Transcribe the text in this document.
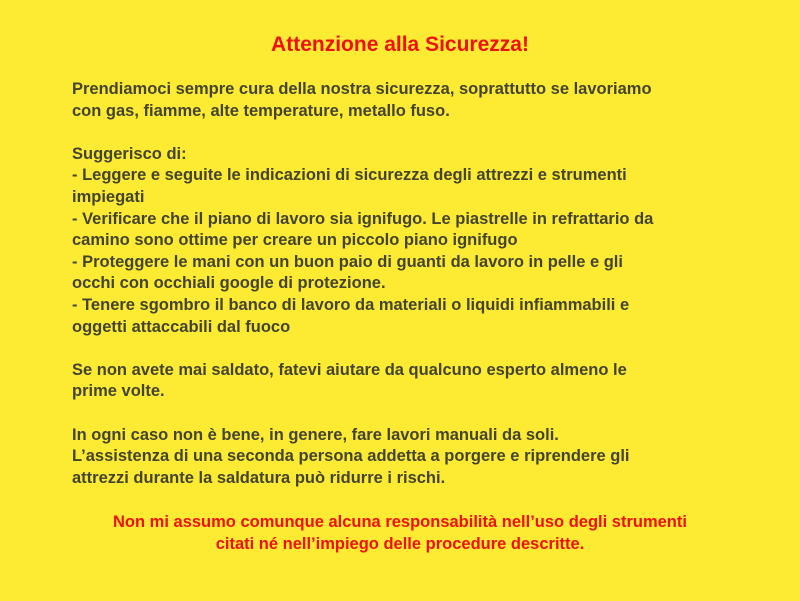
Attenzione alla Sicurezza!
Prendiamoci sempre cura della nostra sicurezza, soprattutto se lavoriamo
con gas, fiamme, alte temperature, metallo fuso.
Suggerisco di:
- Leggere e seguite le indicazioni di sicurezza degli attrezzi e strumenti
impiegati
- Verificare che il piano di lavoro sia ignifugo. Le piastrelle in refrattario da
camino sono ottime per creare un piccolo piano ignifugo
- Proteggere le mani con un buon paio di guanti da lavoro in pelle e gli
occhi con occhiali google di protezione.
- Tenere sgombro il banco di lavoro da materiali o liquidi infiammabili e
oggetti attaccabili dal fuoco
Se non avete mai saldato, fatevi aiutare da qualcuno esperto almeno le
prime volte.
In ogni caso non è bene, in genere, fare lavori manuali da soli.
L’assistenza di una seconda persona addetta a porgere e riprendere gli
attrezzi durante la saldatura può ridurre i rischi.
Non mi assumo comunque alcuna responsabilità nell’uso degli strumenti
citati né nell’impiego delle procedure descritte.
